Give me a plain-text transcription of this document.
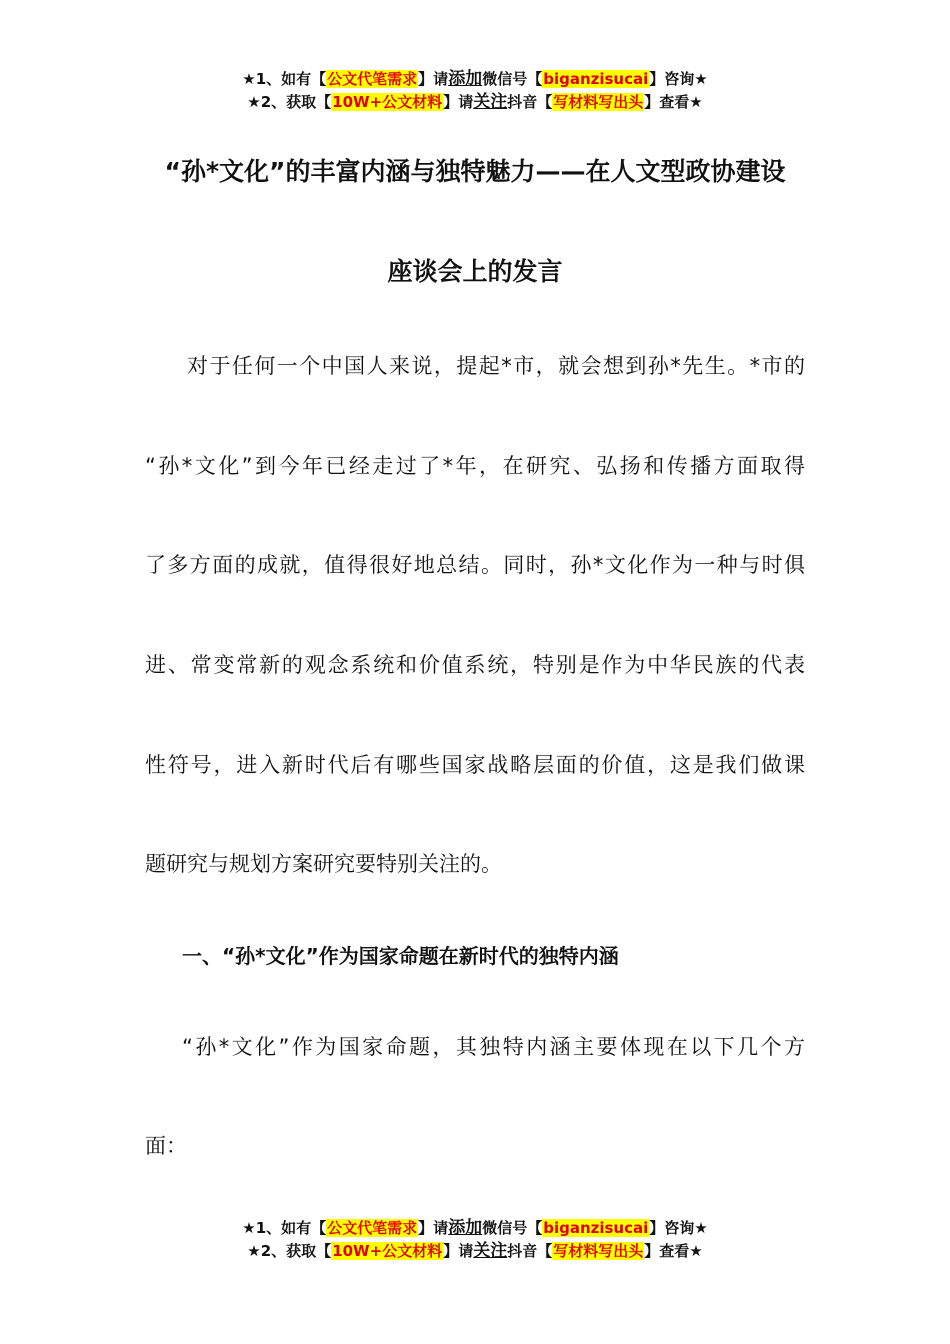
★1、如有【公文代笔需求】请添加微信号【biganzisucai】咨询★
★2、获取【10W+公文材料】请关注抖音【写材料写出头】查看★
“孙*文化”的丰富内涵与独特魅力——在人文型政协建设
座谈会上的发言
对于任何一个中国人来说，提起*市，就会想到孙*先生。*市的
“孙*文化”到今年已经走过了*年，在研究、弘扬和传播方面取得
了多方面的成就，值得很好地总结。同时，孙*文化作为一种与时俱
进、常变常新的观念系统和价值系统，特别是作为中华民族的代表
性符号，进入新时代后有哪些国家战略层面的价值，这是我们做课
题研究与规划方案研究要特别关注的。
一、“孙*文化”作为国家命题在新时代的独特内涵
“孙*文化”作为国家命题，其独特内涵主要体现在以下几个方
面：
★1、如有【公文代笔需求】请添加微信号【biganzisucai】咨询★
★2、获取【10W+公文材料】请关注抖音【写材料写出头】查看★
